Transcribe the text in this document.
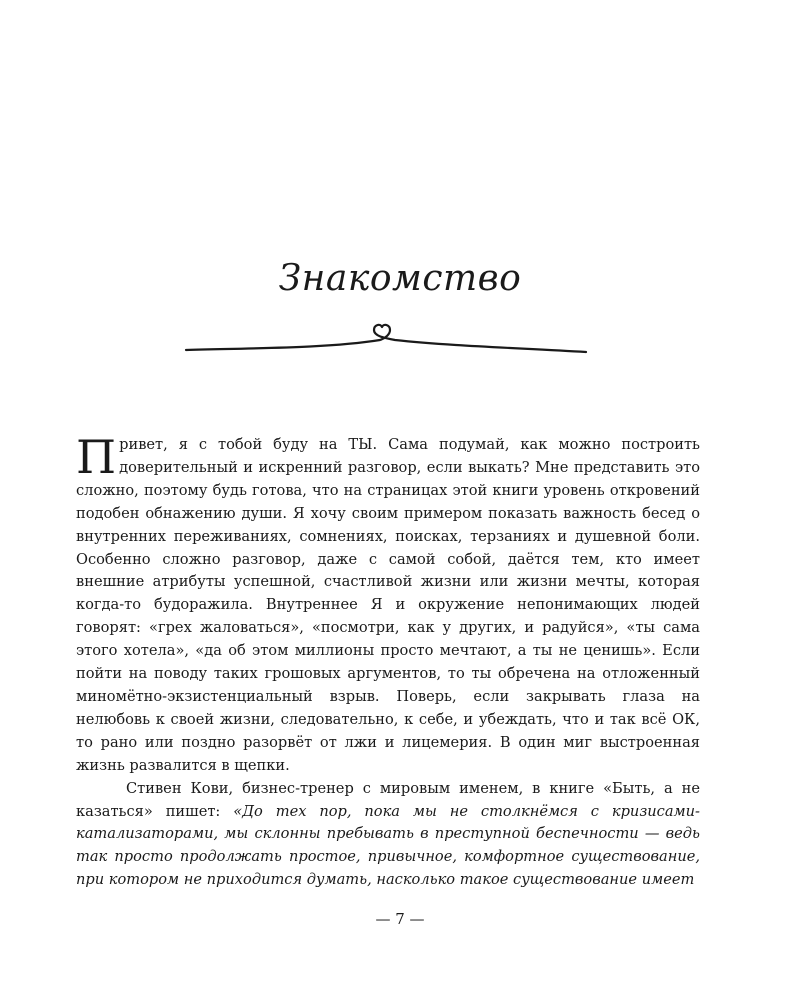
Знакомство

Привет, я с тобой буду на ТЫ. Сама подумай, как можно построить доверительный и искренний разговор, если выкать? Мне представить это сложно, поэтому будь готова, что на страницах этой книги уровень откровений подобен обнажению души. Я хочу своим примером показать важность бесед о внутренних переживаниях, сомнениях, поисках, терзаниях и душевной боли. Особенно сложно разговор, даже с самой собой, даётся тем, кто имеет внешние атрибуты успешной, счастливой жизни или жизни мечты, которая когда-то будоражила. Внутреннее Я и окружение непонимающих людей говорят: «грех жаловаться», «посмотри, как у других, и радуйся», «ты сама этого хотела», «да об этом миллионы просто мечтают, а ты не ценишь». Если пойти на поводу таких грошовых аргументов, то ты обречена на отложенный миномётно-экзистенциальный взрыв. Поверь, если закрывать глаза на нелюбовь к своей жизни, следовательно, к себе, и убеждать, что и так всё ОК, то рано или поздно разорвёт от лжи и лицемерия. В один миг выстроенная жизнь развалится в щепки.

Стивен Кови, бизнес-тренер с мировым именем, в книге «Быть, а не казаться» пишет: «До тех пор, пока мы не столкнёмся с кризисами-катализаторами, мы склонны пребывать в преступной беспечности — ведь так просто продолжать простое, привычное, комфортное существование, при котором не приходится думать, насколько такое существование имеет

— 7 —
